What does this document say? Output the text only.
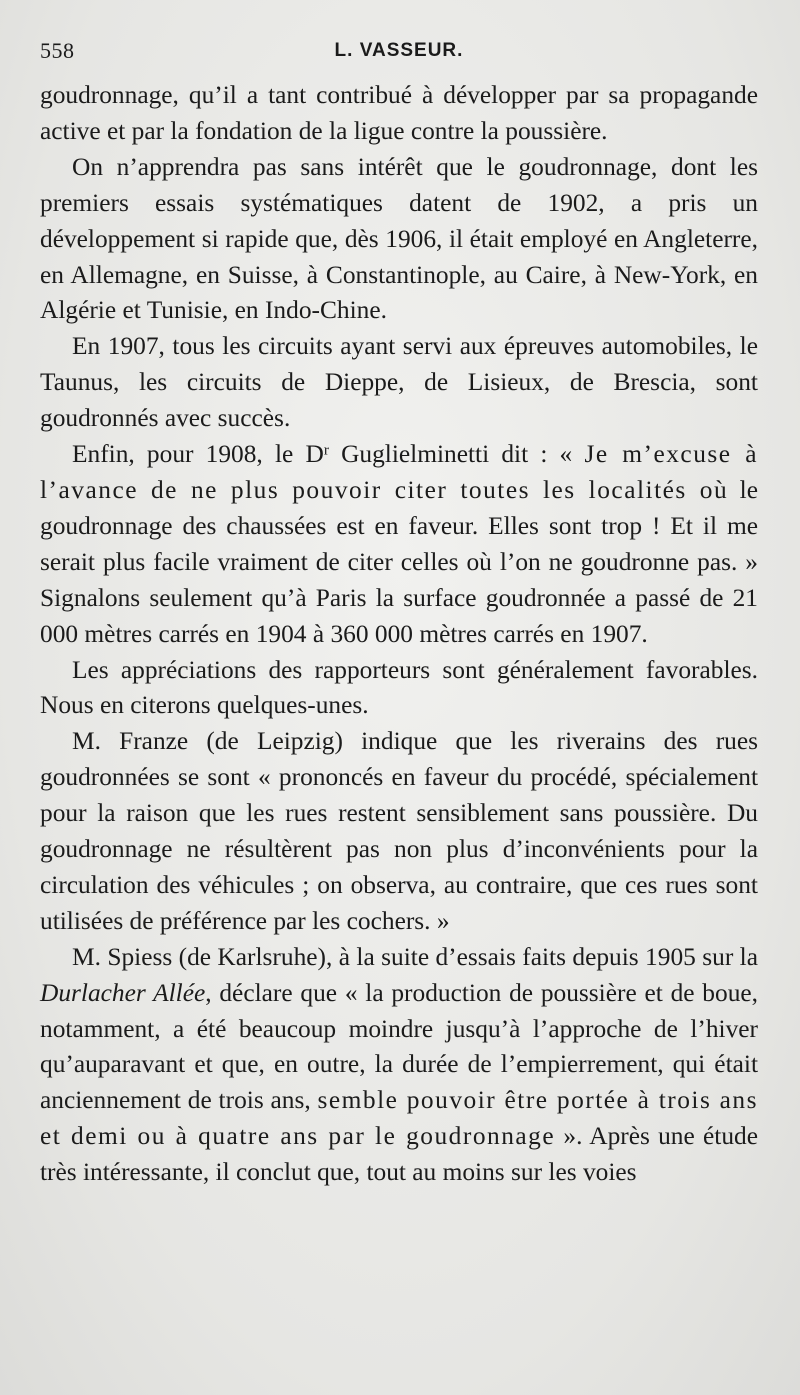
558	L. VASSEUR.

goudronnage, qu’il a tant contribué à développer par sa propagande active et par la fondation de la ligue contre la poussière.

On n’apprendra pas sans intérêt que le goudronnage, dont les premiers essais systématiques datent de 1902, a pris un développement si rapide que, dès 1906, il était employé en Angleterre, en Allemagne, en Suisse, à Constantinople, au Caire, à New-York, en Algérie et Tunisie, en Indo-Chine.

En 1907, tous les circuits ayant servi aux épreuves automobiles, le Taunus, les circuits de Dieppe, de Lisieux, de Brescia, sont goudronnés avec succès.

Enfin, pour 1908, le $D^r$ Guglielminetti dit : « Je m’excuse à l’avance de ne plus pouvoir citer toutes les localités où le goudronnage des chaussées est en faveur. Elles sont trop ! Et il me serait plus facile vraiment de citer celles où l’on ne goudronne pas. » Signalons seulement qu’à Paris la surface goudronnée a passé de 21 000 mètres carrés en 1904 à 360 000 mètres carrés en 1907.

Les appréciations des rapporteurs sont généralement favorables. Nous en citerons quelques-unes.

M. Franze (de Leipzig) indique que les riverains des rues goudronnées se sont « prononcés en faveur du procédé, spécialement pour la raison que les rues restent sensiblement sans poussière. Du goudronnage ne résultèrent pas non plus d’inconvénients pour la circulation des véhicules ; on observa, au contraire, que ces rues sont utilisées de préférence par les cochers. »

M. Spiess (de Karlsruhe), à la suite d’essais faits depuis 1905 sur la Durlacher Allée, déclare que « la production de poussière et de boue, notamment, a été beaucoup moindre jusqu’à l’approche de l’hiver qu’auparavant et que, en outre, la durée de l’empierrement, qui était anciennement de trois ans, semble pouvoir être portée à trois ans et demi ou à quatre ans par le goudronnage ». Après une étude très intéressante, il conclut que, tout au moins sur les voies
